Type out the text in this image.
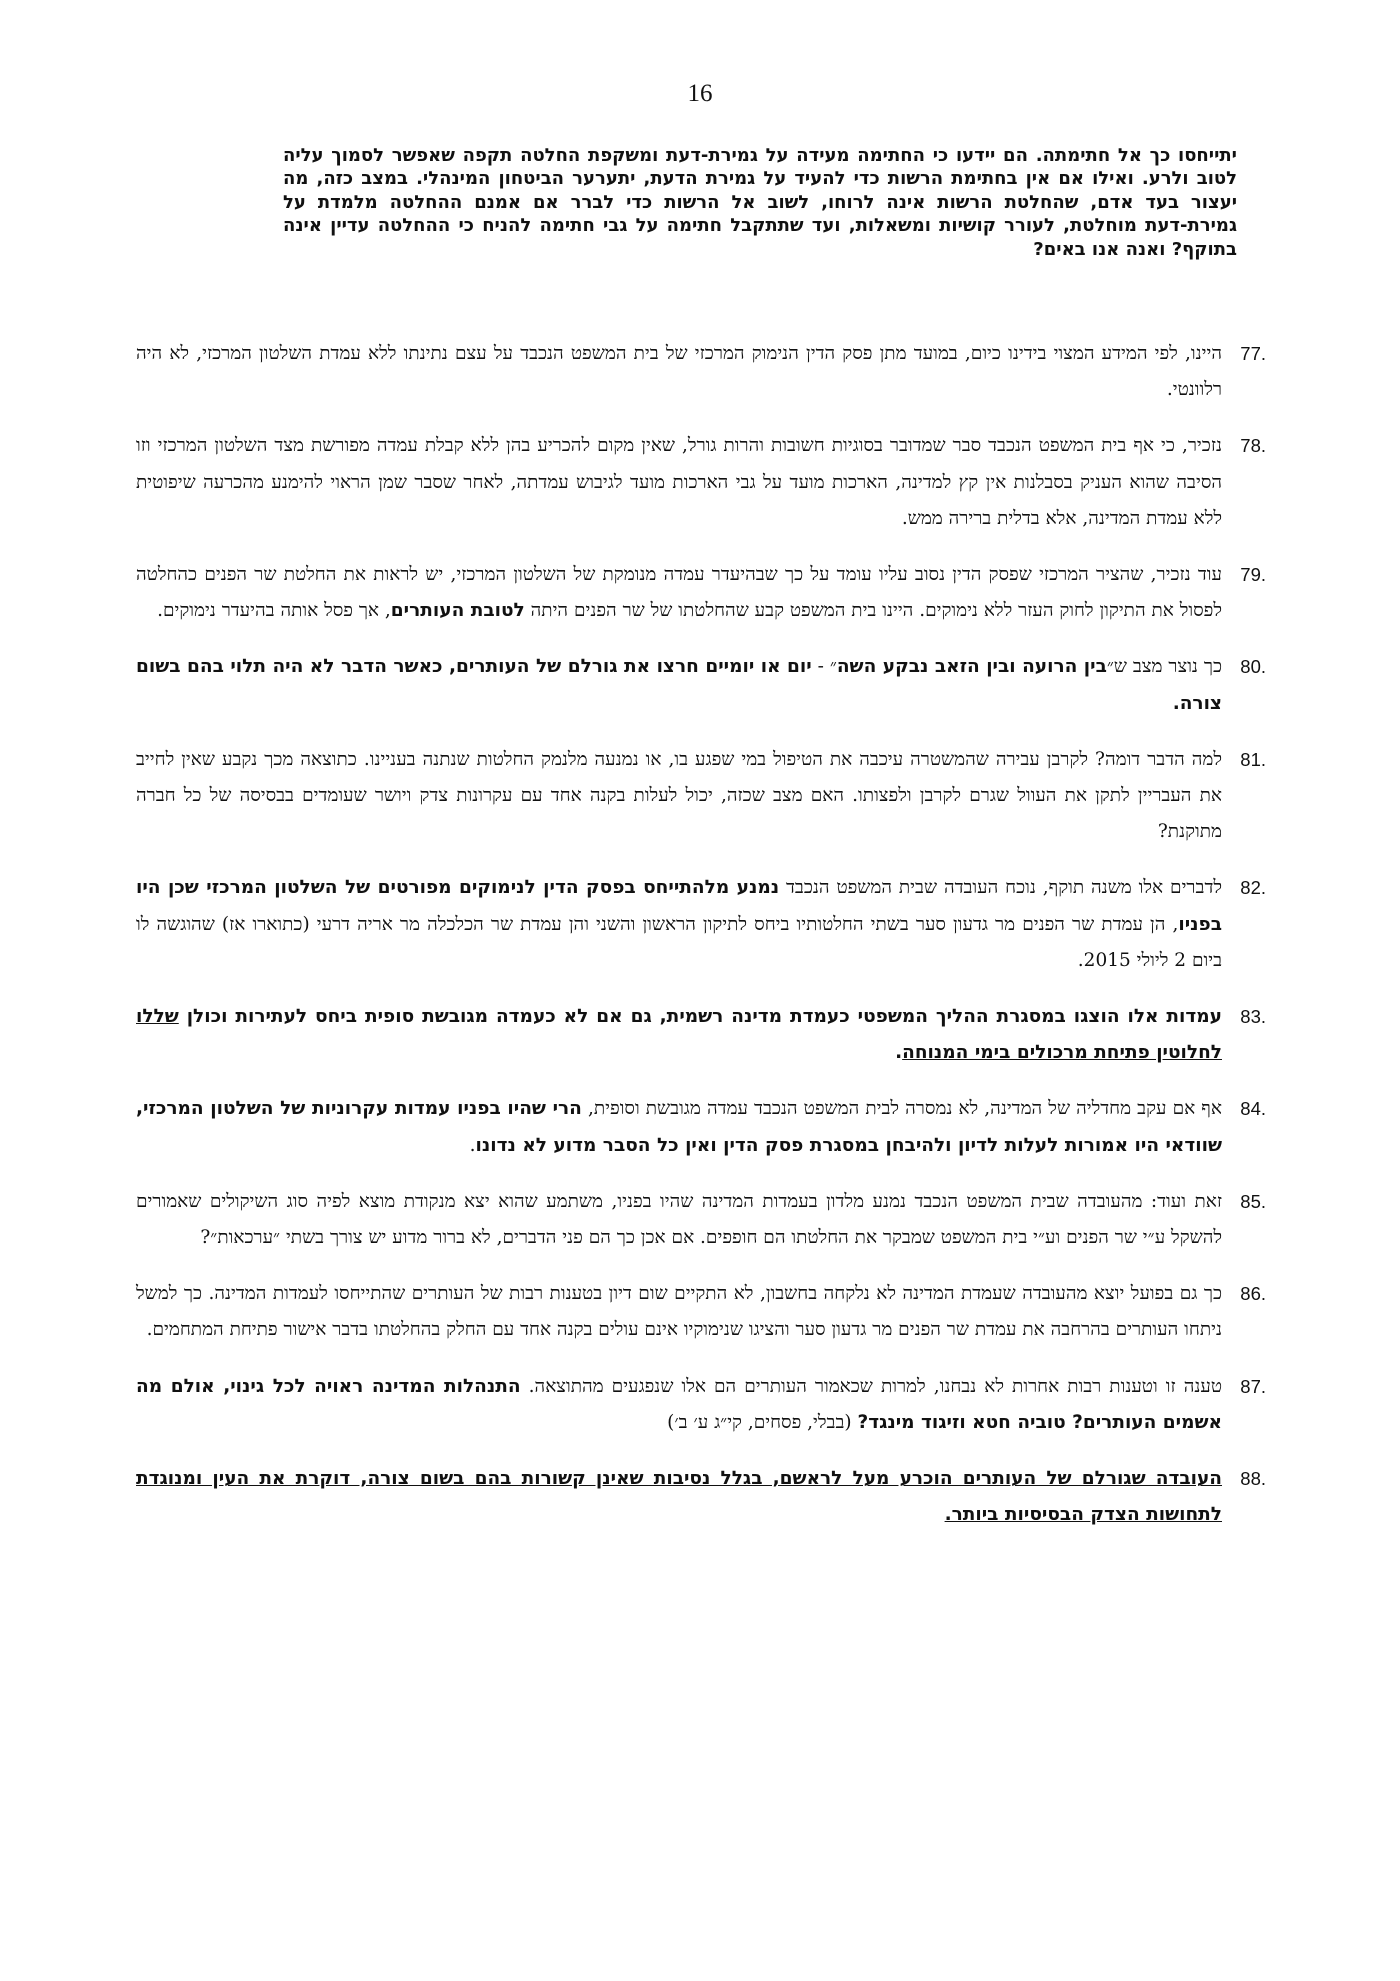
16
יתייחסו כך אל חתימתה. הם יידעו כי החתימה מעידה על גמירת-דעת ומשקפת החלטה תקפה שאפשר לסמוך עליה לטוב ולרע. ואילו אם אין בחתימת הרשות כדי להעיד על גמירת הדעת, יתערער הביטחון המינהלי. במצב כזה, מה יעצור בעד אדם, שהחלטת הרשות אינה לרוחו, לשוב אל הרשות כדי לברר אם אמנם ההחלטה מלמדת על גמירת-דעת מוחלטת, לעורר קושיות ומשאלות, ועד שתתקבל חתימה על גבי חתימה להניח כי ההחלטה עדיין אינה בתוקף? ואנה אנו באים?
77.
היינו, לפי המידע המצוי בידינו כיום, במועד מתן פסק הדין הנימוק המרכזי של בית המשפט הנכבד על עצם נתינתו ללא עמדת השלטון המרכזי, לא היה רלוונטי.
78.
נזכיר, כי אף בית המשפט הנכבד סבר שמדובר בסוגיות חשובות והרות גורל, שאין מקום להכריע בהן ללא קבלת עמדה מפורשת מצד השלטון המרכזי וזו הסיבה שהוא העניק בסבלנות אין קץ למדינה, הארכות מועד על גבי הארכות מועד לגיבוש עמדתה, לאחר שסבר שמן הראוי להימנע מהכרעה שיפוטית ללא עמדת המדינה, אלא בדלית ברירה ממש.
79.
עוד נזכיר, שהציר המרכזי שפסק הדין נסוב עליו עומד על כך שבהיעדר עמדה מנומקת של השלטון המרכזי, יש לראות את החלטת שר הפנים כהחלטה לפסול את התיקון לחוק העזר ללא נימוקים. היינו בית המשפט קבע שהחלטתו של שר הפנים היתה לטובת העותרים, אך פסל אותה בהיעדר נימוקים.
80.
כך נוצר מצב ש״בין הרועה ובין הזאב נבקע השה״ - יום או יומיים חרצו את גורלם של העותרים, כאשר הדבר לא היה תלוי בהם בשום צורה.
81.
למה הדבר דומה? לקרבן עבירה שהמשטרה עיכבה את הטיפול במי שפגע בו, או נמנעה מלנמק החלטות שנתנה בעניינו. כתוצאה מכך נקבע שאין לחייב את העבריין לתקן את העוול שגרם לקרבן ולפצותו. האם מצב שכזה, יכול לעלות בקנה אחד עם עקרונות צדק ויושר שעומדים בבסיסה של כל חברה מתוקנת?
82.
לדברים אלו משנה תוקף, נוכח העובדה שבית המשפט הנכבד נמנע מלהתייחס בפסק הדין לנימוקים מפורטים של השלטון המרכזי שכן היו בפניו, הן עמדת שר הפנים מר גדעון סער בשתי החלטותיו ביחס לתיקון הראשון והשני והן עמדת שר הכלכלה מר אריה דרעי (כתוארו אז) שהוגשה לו ביום 2 ליולי 2015.
83.
עמדות אלו הוצגו במסגרת ההליך המשפטי כעמדת מדינה רשמית, גם אם לא כעמדה מגובשת סופית ביחס לעתירות וכולן שללו לחלוטין פתיחת מרכולים בימי המנוחה.
84.
אף אם עקב מחדליה של המדינה, לא נמסרה לבית המשפט הנכבד עמדה מגובשת וסופית, הרי שהיו בפניו עמדות עקרוניות של השלטון המרכזי, שוודאי היו אמורות לעלות לדיון ולהיבחן במסגרת פסק הדין ואין כל הסבר מדוע לא נדונו.
85.
זאת ועוד: מהעובדה שבית המשפט הנכבד נמנע מלדון בעמדות המדינה שהיו בפניו, משתמע שהוא יצא מנקודת מוצא לפיה סוג השיקולים שאמורים להשקל ע״י שר הפנים וע״י בית המשפט שמבקר את החלטתו הם חופפים. אם אכן כך הם פני הדברים, לא ברור מדוע יש צורך בשתי ״ערכאות״?
86.
כך גם בפועל יוצא מהעובדה שעמדת המדינה לא נלקחה בחשבון, לא התקיים שום דיון בטענות רבות של העותרים שהתייחסו לעמדות המדינה. כך למשל ניתחו העותרים בהרחבה את עמדת שר הפנים מר גדעון סער והציגו שנימוקיו אינם עולים בקנה אחד עם החלק בהחלטתו בדבר אישור פתיחת המתחמים.
87.
טענה זו וטענות רבות אחרות לא נבחנו, למרות שכאמור העותרים הם אלו שנפגעים מהתוצאה. התנהלות המדינה ראויה לכל גינוי, אולם מה אשמים העותרים? טוביה חטא וזיגוד מינגד? (בבלי, פסחים, קי״ג ע׳ ב׳)
88.
העובדה שגורלם של העותרים הוכרע מעל לראשם, בגלל נסיבות שאינן קשורות בהם בשום צורה, דוקרת את העין ומנוגדת לתחושות הצדק הבסיסיות ביותר.
